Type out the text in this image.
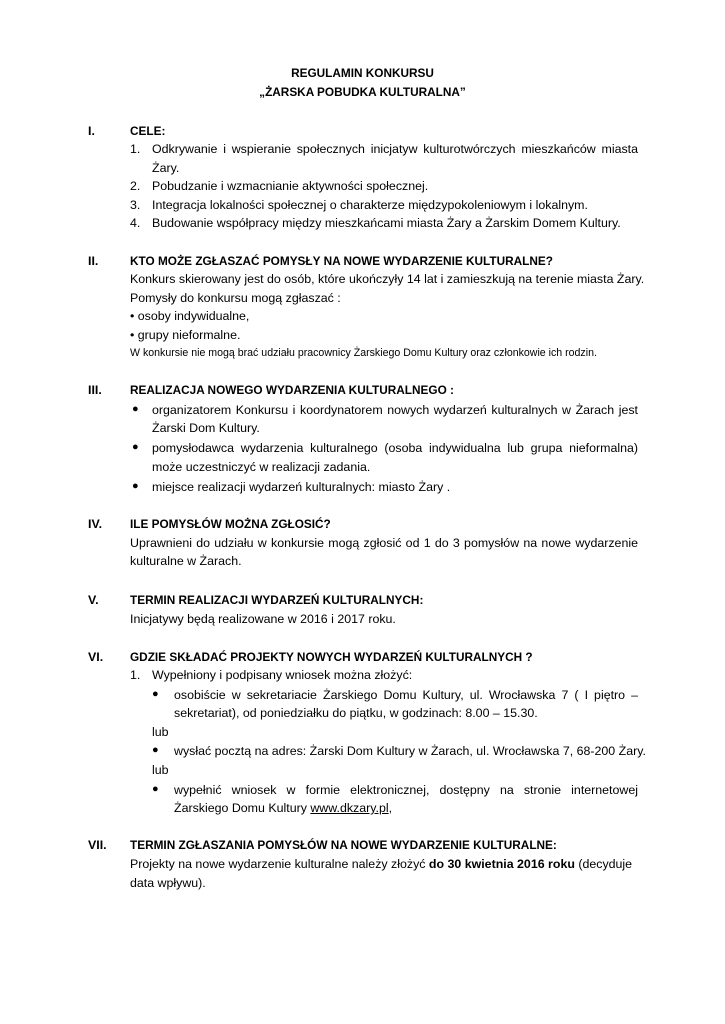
REGULAMIN KONKURSU
„ŻARSKA POBUDKA KULTURALNA”
I.	CELE:
1. Odkrywanie i wspieranie społecznych inicjatyw kulturotwórczych mieszkańców miasta
Żary.
2. Pobudzanie i wzmacnianie aktywności społecznej.
3. Integracja lokalności społecznej o charakterze międzypokoleniowym i lokalnym.
4. Budowanie współpracy między mieszkańcami miasta Żary a Żarskim Domem Kultury.
II.	KTO MOŻE ZGŁASZAĆ POMYSŁY NA NOWE WYDARZENIE KULTURALNE?
Konkurs skierowany jest do osób, które ukończyły 14 lat i zamieszkują na terenie miasta Żary.
Pomysły do konkursu mogą zgłaszać :
• osoby indywidualne,
• grupy nieformalne.
W konkursie nie mogą brać udziału pracownicy Żarskiego Domu Kultury oraz członkowie ich rodzin.
III. REALIZACJA NOWEGO WYDARZENIA KULTURALNEGO :
● organizatorem Konkursu i koordynatorem nowych wydarzeń kulturalnych w Żarach jest
Żarski Dom Kultury.
● pomysłodawca wydarzenia kulturalnego (osoba indywidualna lub grupa nieformalna)
może uczestniczyć w realizacji zadania.
● miejsce realizacji wydarzeń kulturalnych: miasto Żary .
IV. ILE POMYSŁÓW MOŻNA ZGŁOSIĆ?
Uprawnieni do udziału w konkursie mogą zgłosić od 1 do 3 pomysłów na nowe wydarzenie
kulturalne w Żarach.
V.	TERMIN REALIZACJI WYDARZEŃ KULTURALNYCH:
Inicjatywy będą realizowane w 2016 i 2017 roku.
VI. GDZIE SKŁADAĆ PROJEKTY NOWYCH WYDARZEŃ KULTURALNYCH ?
1. Wypełniony i podpisany wniosek można złożyć:
● osobiście w sekretariacie Żarskiego Domu Kultury, ul. Wrocławska 7 ( I piętro –
sekretariat), od poniedziałku do piątku, w godzinach: 8.00 – 15.30.
lub
● wysłać pocztą na adres: Żarski Dom Kultury w Żarach, ul. Wrocławska 7, 68-200 Żary.
lub
● wypełnić wniosek w formie elektronicznej, dostępny na stronie internetowej
Żarskiego Domu Kultury www.dkzary.pl,
VII. TERMIN ZGŁASZANIA POMYSŁÓW NA NOWE WYDARZENIE KULTURALNE:
Projekty na nowe wydarzenie kulturalne należy złożyć do 30 kwietnia 2016 roku (decyduje
data wpływu).
